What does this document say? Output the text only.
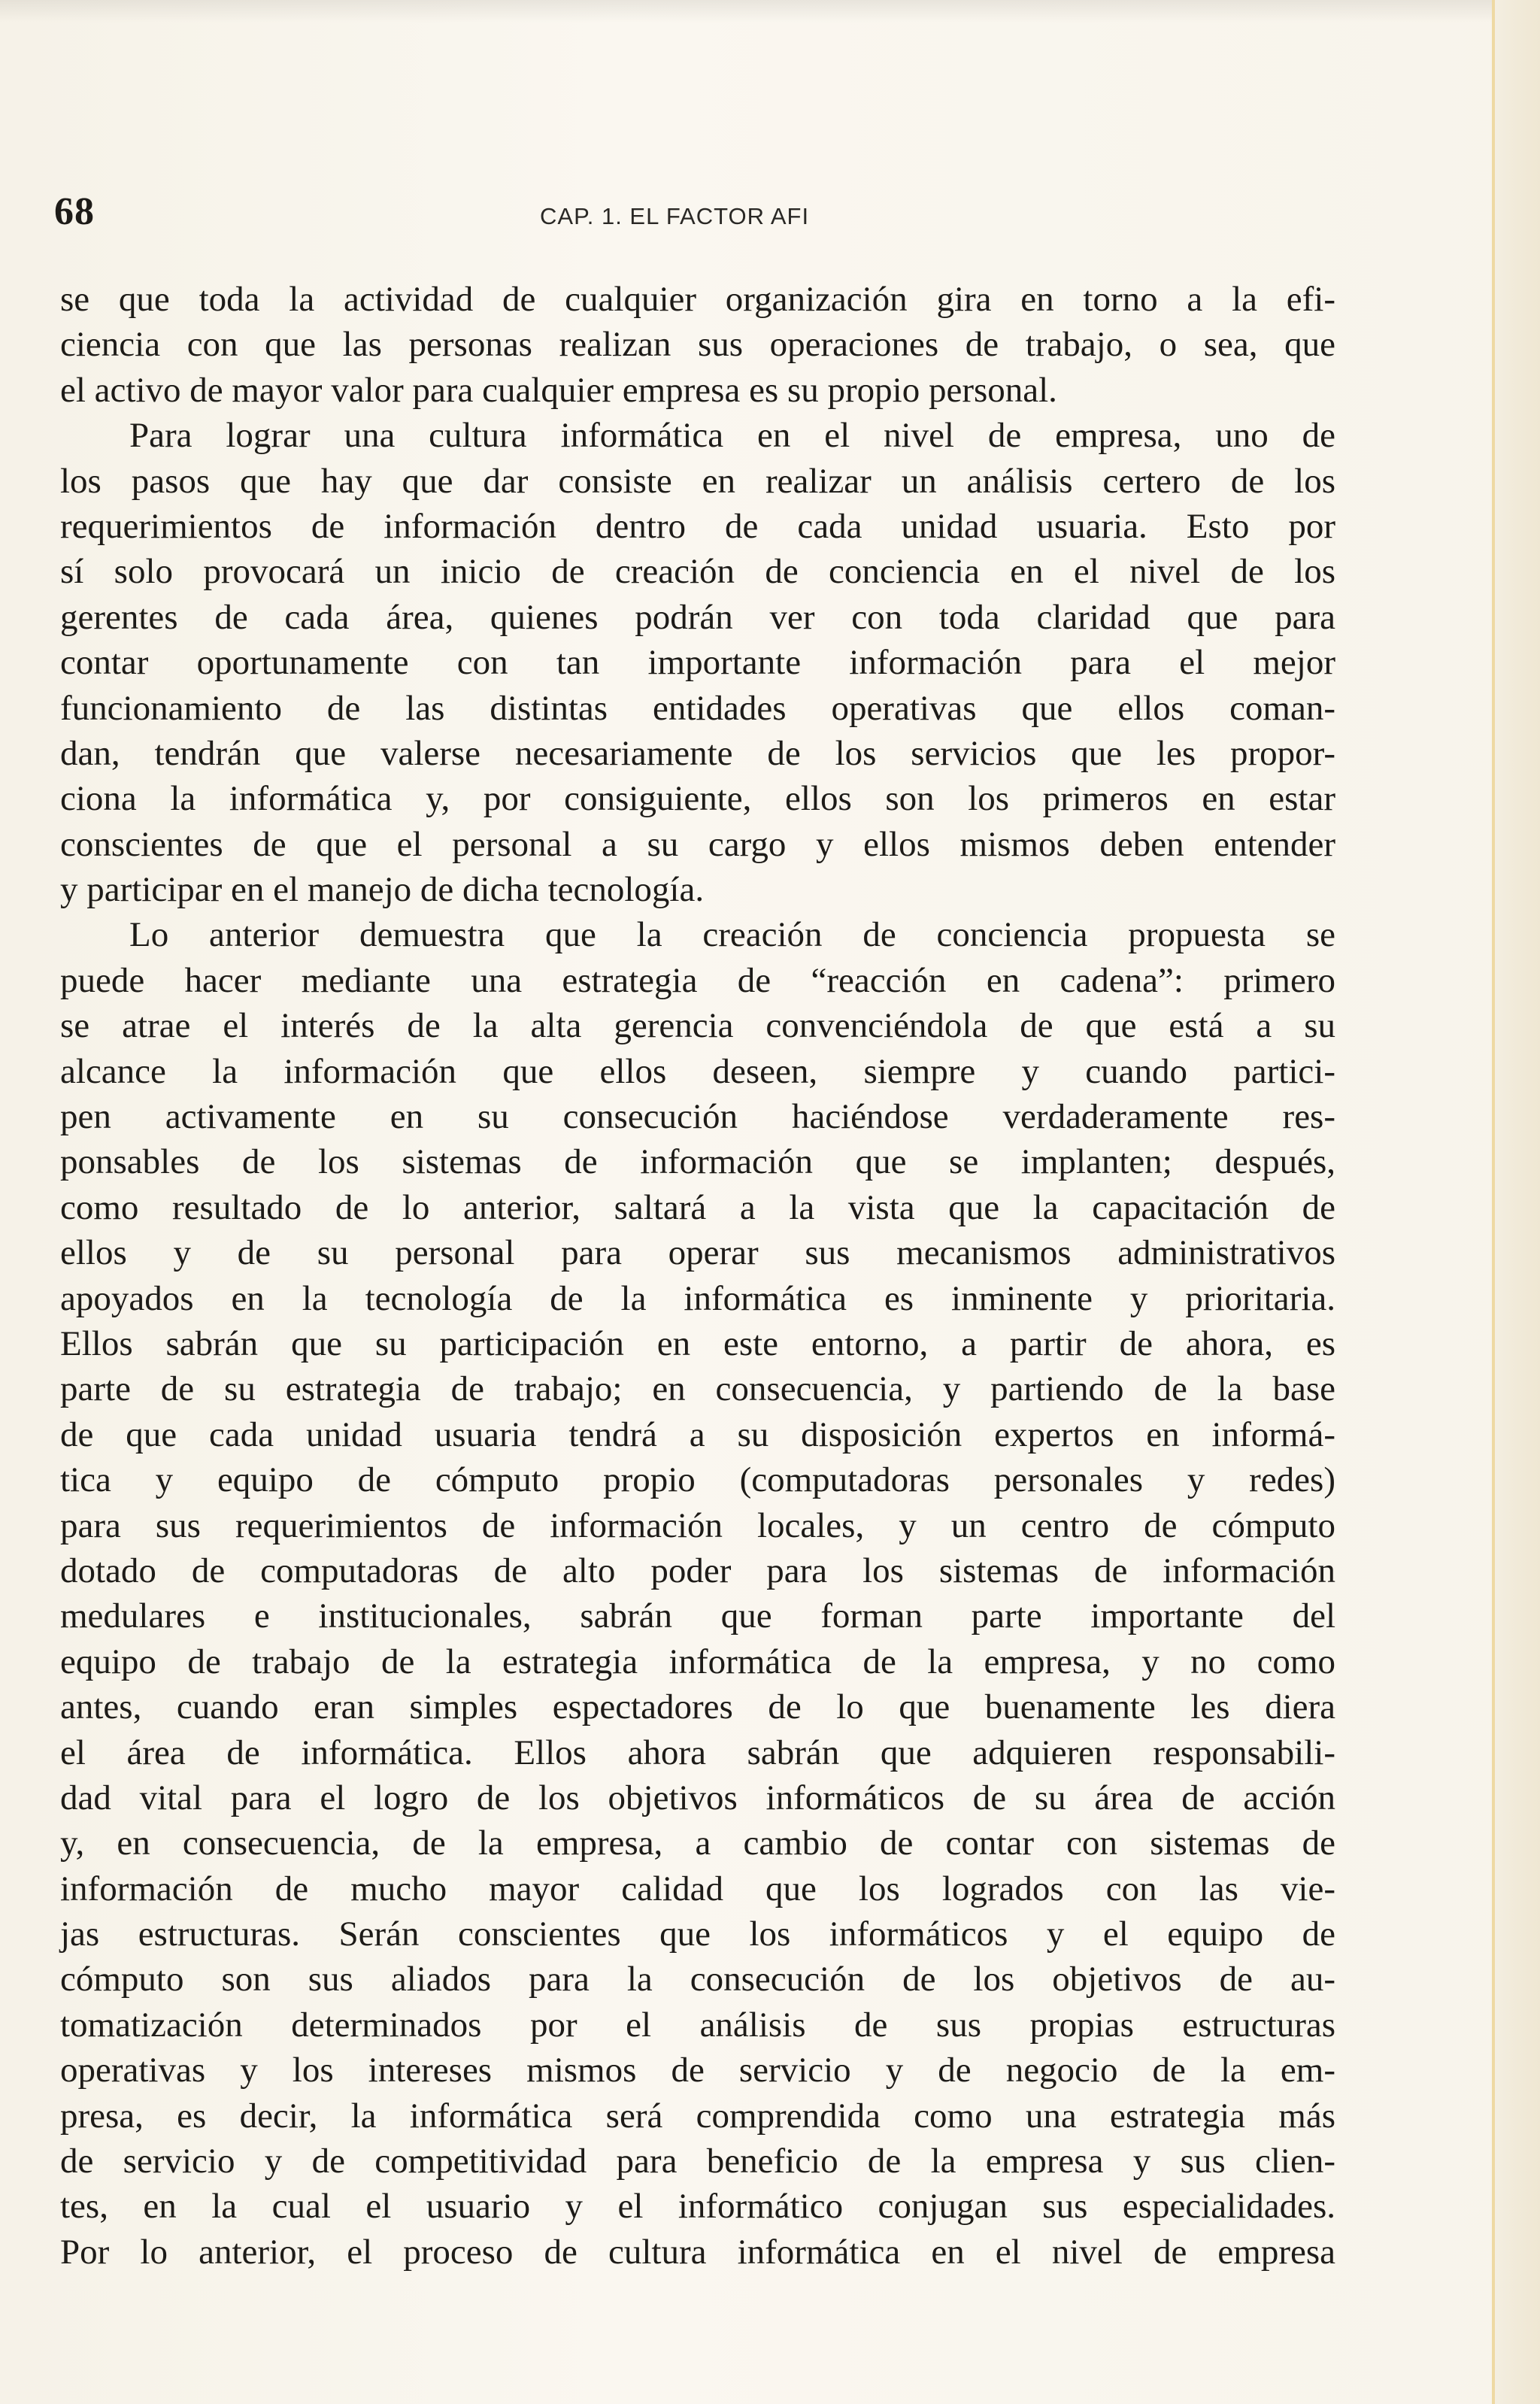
68	CAP. 1. EL FACTOR AFI
se que toda la actividad de cualquier organización gira en torno a la efi-
ciencia con que las personas realizan sus operaciones de trabajo, o sea, que
el activo de mayor valor para cualquier empresa es su propio personal.
Para lograr una cultura informática en el nivel de empresa, uno de
los pasos que hay que dar consiste en realizar un análisis certero de los
requerimientos de información dentro de cada unidad usuaria. Esto por
sí solo provocará un inicio de creación de conciencia en el nivel de los
gerentes de cada área, quienes podrán ver con toda claridad que para
contar oportunamente con tan importante información para el mejor
funcionamiento de las distintas entidades operativas que ellos coman-
dan, tendrán que valerse necesariamente de los servicios que les propor-
ciona la informática y, por consiguiente, ellos son los primeros en estar
conscientes de que el personal a su cargo y ellos mismos deben entender
y participar en el manejo de dicha tecnología.
Lo anterior demuestra que la creación de conciencia propuesta se
puede hacer mediante una estrategia de “reacción en cadena”: primero
se atrae el interés de la alta gerencia convenciéndola de que está a su
alcance la información que ellos deseen, siempre y cuando partici-
pen activamente en su consecución haciéndose verdaderamente res-
ponsables de los sistemas de información que se implanten; después,
como resultado de lo anterior, saltará a la vista que la capacitación de
ellos y de su personal para operar sus mecanismos administrativos
apoyados en la tecnología de la informática es inminente y prioritaria.
Ellos sabrán que su participación en este entorno, a partir de ahora, es
parte de su estrategia de trabajo; en consecuencia, y partiendo de la base
de que cada unidad usuaria tendrá a su disposición expertos en informá-
tica y equipo de cómputo propio (computadoras personales y redes)
para sus requerimientos de información locales, y un centro de cómputo
dotado de computadoras de alto poder para los sistemas de información
medulares e institucionales, sabrán que forman parte importante del
equipo de trabajo de la estrategia informática de la empresa, y no como
antes, cuando eran simples espectadores de lo que buenamente les diera
el área de informática. Ellos ahora sabrán que adquieren responsabili-
dad vital para el logro de los objetivos informáticos de su área de acción
y, en consecuencia, de la empresa, a cambio de contar con sistemas de
información de mucho mayor calidad que los logrados con las vie-
jas estructuras. Serán conscientes que los informáticos y el equipo de
cómputo son sus aliados para la consecución de los objetivos de au-
tomatización determinados por el análisis de sus propias estructuras
operativas y los intereses mismos de servicio y de negocio de la em-
presa, es decir, la informática será comprendida como una estrategia más
de servicio y de competitividad para beneficio de la empresa y sus clien-
tes, en la cual el usuario y el informático conjugan sus especialidades.
Por lo anterior, el proceso de cultura informática en el nivel de empresa
